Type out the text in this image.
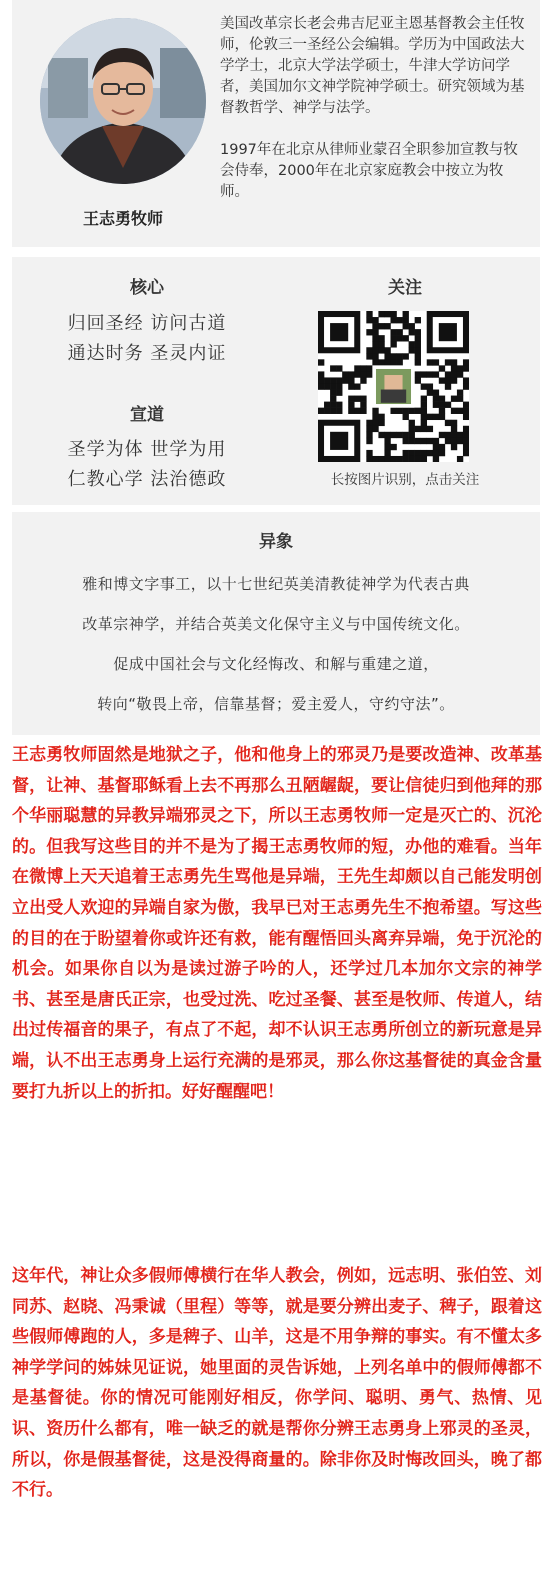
王志勇牧师

美国改革宗长老会弗吉尼亚主恩基督教会主任牧师，伦敦三一圣经公会编辑。学历为中国政法大学学士，北京大学法学硕士，牛津大学访问学者，美国加尔文神学院神学硕士。研究领域为基督教哲学、神学与法学。

1997年在北京从律师业蒙召全职参加宣教与牧会侍奉，2000年在北京家庭教会中按立为牧师。

核心
归回圣经 访问古道
通达时务 圣灵内证
宣道
圣学为体 世学为用
仁教心学 法治德政
关注
长按图片识别，点击关注
异象
雅和博文字事工，以十七世纪英美清教徒神学为代表古典
改革宗神学，并结合英美文化保守主义与中国传统文化。
促成中国社会与文化经悔改、和解与重建之道，
转向“敬畏上帝，信靠基督；爱主爱人，守约守法”。
王志勇牧师固然是地狱之子，他和他身上的邪灵乃是要改造神、改革基督，让神、基督耶稣看上去不再那么丑陋龌龊，要让信徒归到他拜的那个华丽聪慧的异教异端邪灵之下，所以王志勇牧师一定是灭亡的、沉沦的。但我写这些目的并不是为了揭王志勇牧师的短，办他的难看。当年在微博上天天追着王志勇先生骂他是异端，王先生却颇以自己能发明创立出受人欢迎的异端自家为傲，我早已对王志勇先生不抱希望。写这些的目的在于盼望着你或许还有救，能有醒悟回头离弃异端，免于沉沦的机会。如果你自以为是读过游子吟的人，还学过几本加尔文宗的神学书、甚至是唐氏正宗，也受过洗、吃过圣餐、甚至是牧师、传道人，结出过传福音的果子，有点了不起，却不认识王志勇所创立的新玩意是异端，认不出王志勇身上运行充满的是邪灵，那么你这基督徒的真金含量要打九折以上的折扣。好好醒醒吧！
这年代，神让众多假师傅横行在华人教会，例如，远志明、张伯笠、刘同苏、赵晓、冯秉诚（里程）等等，就是要分辨出麦子、稗子，跟着这些假师傅跑的人，多是稗子、山羊，这是不用争辩的事实。有不懂太多神学学问的姊妹见证说，她里面的灵告诉她，上列名单中的假师傅都不是基督徒。你的情况可能刚好相反，你学问、聪明、勇气、热情、见识、资历什么都有，唯一缺乏的就是帮你分辨王志勇身上邪灵的圣灵，所以，你是假基督徒，这是没得商量的。除非你及时悔改回头，晚了都不行。
